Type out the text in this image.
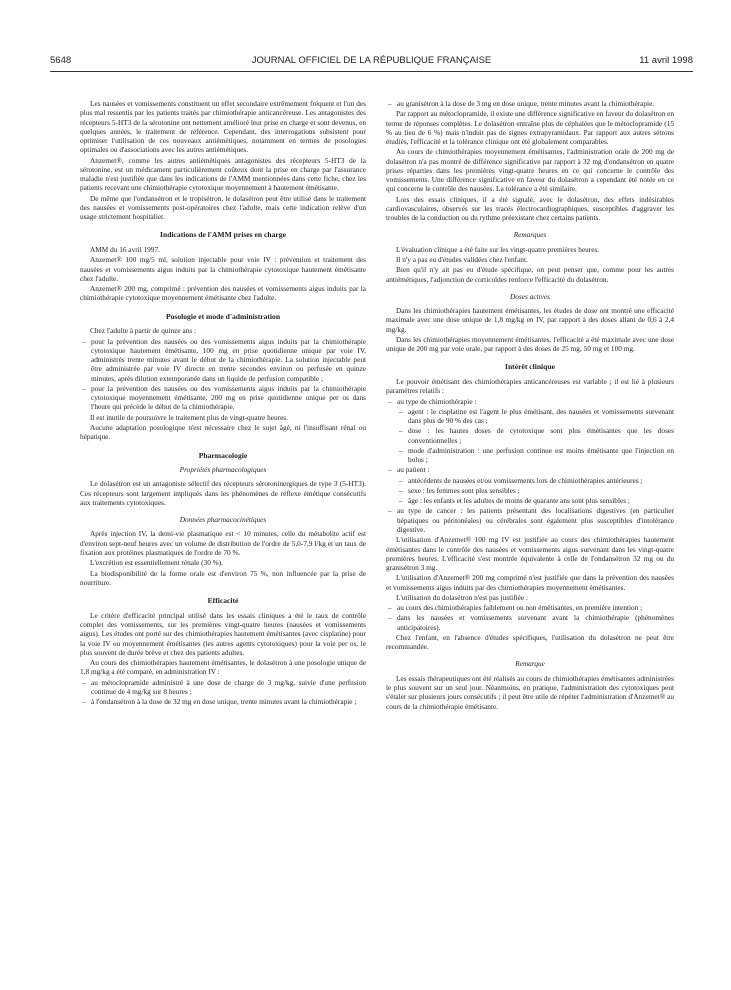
5648	JOURNAL OFFICIEL DE LA RÉPUBLIQUE FRANÇAISE	11 avril 1998

Les nausées et vomissements constituent un effet secondaire extrêmement fréquent et l'un des plus mal ressentis par les patients traités par chimiothérapie anticancéreuse. Les antagonistes des récepteurs 5-HT3 de la sérotonine ont nettement amélioré leur prise en charge et sont devenus, en quelques années, le traitement de référence. Cependant, des interrogations subsistent pour optimiser l'utilisation de ces nouveaux antiémétiques, notamment en termes de posologies optimales ou d'associations avec les autres antiémétiques.

Anzemet®, comme les autres antiémétiques antagonistes des récepteurs 5-HT3 de la sérotonine, est un médicament particulièrement coûteux dont la prise en charge par l'assurance maladie n'est justifiée que dans les indications de l'AMM mentionnées dans cette fiche, chez les patients recevant une chimiothérapie cytotoxique moyennement à hautement émétisante.

De même que l'ondansétron et le tropisétron, le dolasétron peut être utilisé dans le traitement des nausées et vomissements post-opératoires chez l'adulte, mais cette indication relève d'un usage strictement hospitalier.

Indications de l'AMM prises en charge

AMM du 16 avril 1997.

Anzemet® 100 mg/5 ml, solution injectable pour voie IV : prévention et traitement des nausées et vomissements aigus induits par la chimiothérapie cytotoxique hautement émétisante chez l'adulte.

Anzemet® 200 mg, comprimé : prévention des nausées et vomissements aigus induits par la chimiothérapie cytotoxique moyennement émétisante chez l'adulte.

Posologie et mode d'administration

Chez l'adulte à partir de quinze ans :

– pour la prévention des nausées ou des vomissements aigus induits par la chimiothérapie cytotoxique hautement émétisante, 100 mg en prise quotidienne unique par voie IV, administrés trente minutes avant le début de la chimiothérapie. La solution injectable peut être administrée par voie IV directe en trente secondes environ ou perfusée en quinze minutes, après dilution extemporanée dans un liquide de perfusion compatible ;
– pour la prévention des nausées ou des vomissements aigus induits par la chimiothérapie cytotoxique moyennement émétisante, 200 mg en prise quotidienne unique per os dans l'heure qui précède le début de la chimiothérapie.

Il est inutile de poursuivre le traitement plus de vingt-quatre heures.

Aucune adaptation posologique n'est nécessaire chez le sujet âgé, ni l'insuffisant rénal ou hépatique.

Pharmacologie
Propriétés pharmacologiques

Le dolasétron est un antagoniste sélectif des récepteurs sérotoninergiques de type 3 (5-HT3). Ces récepteurs sont largement impliqués dans les phénomènes de réflexe émétique consécutifs aux traitements cytotoxiques.

Données pharmacocinétiques

Après injection IV, la demi-vie plasmatique est < 10 minutes, celle du métabolite actif est d'environ sept-neuf heures avec un volume de distribution de l'ordre de 5,0-7,9 l/kg et un taux de fixation aux protéines plasmatiques de l'ordre de 70 %.

L'excrétion est essentiellement rénale (30 %).

La biodisponibilité de la forme orale est d'environ 75 %, non influencée par la prise de nourriture.

Efficacité

Le critère d'efficacité principal utilisé dans les essais cliniques a été le taux de contrôle complet des vomissements, sur les premières vingt-quatre heures (nausées et vomissements aigus). Les études ont porté sur des chimiothérapies hautement émétisantes (avec cisplatine) pour la voie IV ou moyennement émétisantes (les autres agents cytotoxiques) pour la voie per os, le plus souvent de durée brève et chez des patients adultes.

Au cours des chimiothérapies hautement émétisantes, le dolasétron à une posologie unique de 1,8 mg/kg a été comparé, en administration IV :

– au métoclopramide administré à une dose de charge de 3 mg/kg, suivie d'une perfusion continue de 4 mg/kg sur 8 heures ;
– à l'ondansétron à la dose de 32 mg en dose unique, trente minutes avant la chimiothérapie ;
– au granisétron à la dose de 3 mg en dose unique, trente minutes avant la chimiothérapie.

Par rapport au métoclopramide, il existe une différence significative en faveur du dolasétron en terme de réponses complètes. Le dolasétron entraîne plus de céphalées que le métoclopramide (15 % au lieu de 6 %) mais n'induit pas de signes extrapyramidaux. Par rapport aux autres sétrons étudiés, l'efficacité et la tolérance clinique ont été globalement comparables.

Au cours de chimiothérapies moyennement émétisantes, l'administration orale de 200 mg de dolasétron n'a pas montré de différence significative par rapport à 32 mg d'ondansétron en quatre prises réparties dans les premières vingt-quatre heures en ce qui concerne le contrôle des vomissements. Une différence significative en faveur du dolasétron a cependant été notée en ce qui concerne le contrôle des nausées. La tolérance a été similaire.

Lors des essais cliniques, il a été signalé, avec le dolasétron, des effets indésirables cardiovasculaires, observés sur les tracés électrocardiographiques, susceptibles d'aggraver les troubles de la conduction ou du rythme préexistant chez certains patients.

Remarques

L'évaluation clinique a été faite sur les vingt-quatre premières heures.

Il n'y a pas eu d'études validées chez l'enfant.

Bien qu'il n'y ait pas eu d'étude spécifique, on peut penser que, comme pour les autres antiémétiques, l'adjonction de corticoïdes renforce l'efficacité du dolasétron.

Doses actives

Dans les chimiothérapies hautement émétisantes, les études de dose ont montré une efficacité maximale avec une dose unique de 1,8 mg/kg en IV, par rapport à des doses allant de 0,6 à 2,4 mg/kg.

Dans les chimiothérapies moyennement émétisantes, l'efficacité a été maximale avec une dose unique de 200 mg par voie orale, par rapport à des doses de 25 mg, 50 mg et 100 mg.

Intérêt clinique

Le pouvoir émétisant des chimiothérapies anticancéreuses est variable ; il est lié à plusieurs paramètres relatifs :

– au type de chimiothérapie :
– agent : le cisplatine est l'agent le plus émétisant, des nausées et vomissements survenant dans plus de 90 % des cas ;
– dose : les hautes doses de cytotoxique sont plus émétisantes que les doses conventionnelles ;
– mode d'administration : une perfusion continue est moins émétisante que l'injection en bolus ;
– au patient :
– antécédents de nausées et/ou vomissements lors de chimiothérapies antérieures ;
– sexe : les femmes sont plus sensibles ;
– âge : les enfants et les adultes de moins de quarante ans sont plus sensibles ;
– au type de cancer : les patients présentant des localisations digestives (en particulier hépatiques ou péritonéales) ou cérébrales sont également plus susceptibles d'intolérance digestive.

L'utilisation d'Anzemet® 100 mg IV est justifiée au cours des chimiothérapies hautement émétisantes dans le contrôle des nausées et vomissements aigus survenant dans les vingt-quatre premières heures. L'efficacité s'est montrée équivalente à celle de l'ondansétron 32 mg ou du granisétron 3 mg.

L'utilisation d'Anzemet® 200 mg comprimé n'est justifiée que dans la prévention des nausées et vomissements aigus induits par des chimiothérapies moyennement émétisantes.

L'utilisation du dolasétron n'est pas justifiée :

– au cours des chimiothérapies faiblement ou non émétisantes, en première intention ;
– dans les nausées et vomissements survenant avant la chimiothérapie (phénomènes anticipatoires).

Chez l'enfant, en l'absence d'études spécifiques, l'utilisation du dolasétron ne peut être recommandée.

Remarque

Les essais thérapeutiques ont été réalisés au cours de chimiothérapies émétisantes administrées le plus souvent sur un seul jour. Néanmoins, en pratique, l'administration des cytotoxiques peut s'étaler sur plusieurs jours consécutifs ; il peut être utile de répéter l'administration d'Anzemet® au cours de la chimiothérapie émétisante.
